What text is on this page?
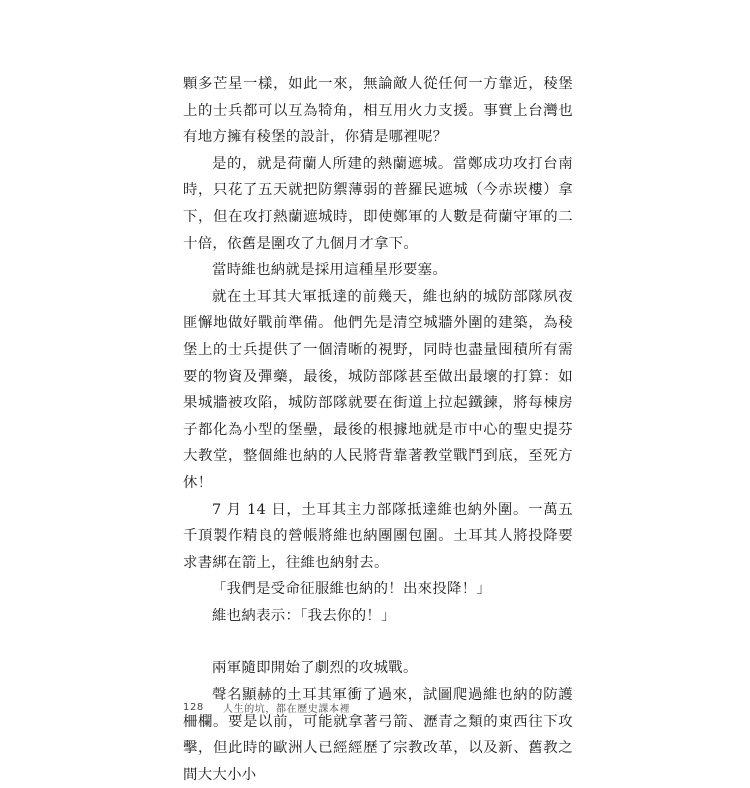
顆多芒星一樣，如此一來，無論敵人從任何一方靠近，稜堡上的士兵都可以互為犄角，相互用火力支援。事實上台灣也有地方擁有稜堡的設計，你猜是哪裡呢？

是的，就是荷蘭人所建的熱蘭遮城。當鄭成功攻打台南時，只花了五天就把防禦薄弱的普羅民遮城（今赤崁樓）拿下，但在攻打熱蘭遮城時，即使鄭軍的人數是荷蘭守軍的二十倍，依舊是圍攻了九個月才拿下。

當時維也納就是採用這種星形要塞。

就在土耳其大軍抵達的前幾天，維也納的城防部隊夙夜匪懈地做好戰前準備。他們先是清空城牆外圍的建築，為稜堡上的士兵提供了一個清晰的視野，同時也盡量囤積所有需要的物資及彈藥，最後，城防部隊甚至做出最壞的打算：如果城牆被攻陷，城防部隊就要在街道上拉起鐵鍊，將每棟房子都化為小型的堡壘，最後的根據地就是市中心的聖史提芬大教堂，整個維也納的人民將背靠著教堂戰鬥到底，至死方休！

7 月 14 日，土耳其主力部隊抵達維也納外圍。一萬五千頂製作精良的營帳將維也納團團包圍。土耳其人將投降要求書綁在箭上，往維也納射去。

「我們是受命征服維也納的！出來投降！」

維也納表示：「我去你的！」

兩軍隨即開始了劇烈的攻城戰。

聲名顯赫的土耳其軍衝了過來，試圖爬過維也納的防護柵欄。要是以前，可能就拿著弓箭、瀝青之類的東西往下攻擊，但此時的歐洲人已經經歷了宗教改革，以及新、舊教之間大大小小

128	人生的坑，都在歷史課本裡
